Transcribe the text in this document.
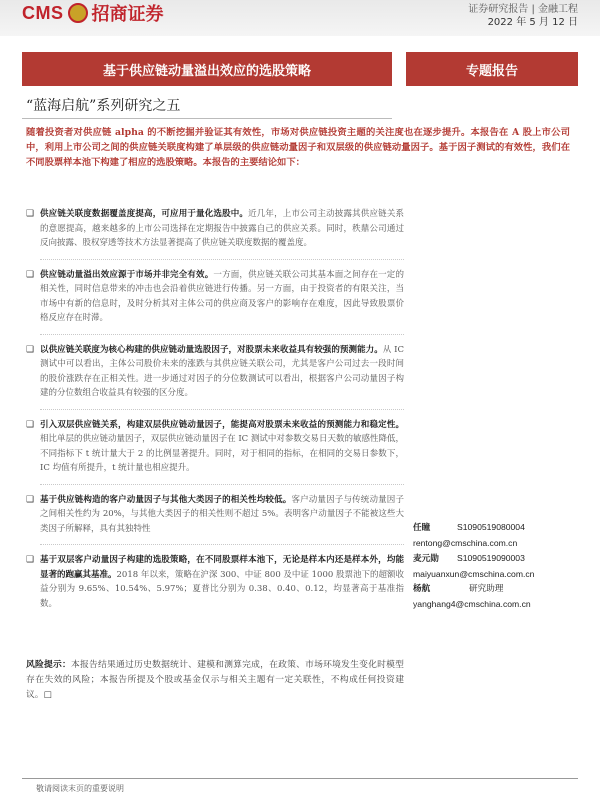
CMS 招商证券	证券研究报告 | 金融工程
2022 年 5 月 12 日
基于供应链动量溢出效应的选股策略	专题报告
“蓝海启航”系列研究之五
随着投资者对供应链 alpha 的不断挖掘并验证其有效性，市场对供应链投资主题的关注度也在逐步提升。本报告在 A 股上市公司中，利用上市公司之间的供应链关联度构建了单层级的供应链动量因子和双层级的供应链动量因子。基于因子测试的有效性，我们在不同股票样本池下构建了相应的选股策略。本报告的主要结论如下：
❑ 供应链关联度数据覆盖度提高，可应用于量化选股中。近几年，上市公司主动披露其供应链关系的意愿提高，越来越多的上市公司选择在定期报告中披露自己的供应关系。同时，秩鼎公司通过反向披露、股权穿透等技术方法显著提高了供应链关联度数据的覆盖度。
❑ 供应链动量溢出效应源于市场并非完全有效。一方面，供应链关联公司其基本面之间存在一定的相关性，同时信息带来的冲击也会沿着供应链进行传播。另一方面，由于投资者的有限关注，当市场中有新的信息时，及时分析其对主体公司的供应商及客户的影响存在难度，因此导致股票价格反应存在时滞。
❑ 以供应链关联度为核心构建的供应链动量选股因子，对股票未来收益具有较强的预测能力。从 IC 测试中可以看出，主体公司股价未来的涨跌与其供应链关联公司，尤其是客户公司过去一段时间的股价涨跌存在正相关性。进一步通过对因子的分位数测试可以看出，根据客户公司动量因子构建的分位数组合收益具有较强的区分度。
❑ 引入双层供应链关系，构建双层供应链动量因子，能提高对股票未来收益的预测能力和稳定性。相比单层的供应链动量因子，双层供应链动量因子在 IC 测试中对参数交易日天数的敏感性降低，不同指标下 t 统计量大于 2 的比例显著提升。同时，对于相同的指标，在相同的交易日参数下，IC 均值有所提升，t 统计量也相应提升。
❑ 基于供应链构造的客户动量因子与其他大类因子的相关性均较低。客户动量因子与传统动量因子之间相关性约为 20%，与其他大类因子的相关性则不超过 5%。表明客户动量因子不能被这些大类因子所解释，具有其独特性
❑ 基于双层客户动量因子构建的选股策略，在不同股票样本池下，无论是样本内还是样本外，均能显著的跑赢其基准。2018 年以来，策略在沪深 300、中证 800 及中证 1000 股票池下的超额收益分别为 9.65%、10.54%、5.97%；夏普比分别为 0.38、0.40、0.12，均显著高于基准指数。
任瞳	S1090519080004
rentong@cmschina.com.cn
麦元勋 S1090519090003
maiyuanxun@cmschina.com.cn
杨航	研究助理
yanghang4@cmschina.com.cn
风险提示：本报告结果通过历史数据统计、建模和测算完成，在政策、市场环境发生变化时模型存在失效的风险；本报告所提及个股或基金仅示与相关主题有一定关联性，不构成任何投资建议。□
敬请阅读末页的重要说明
